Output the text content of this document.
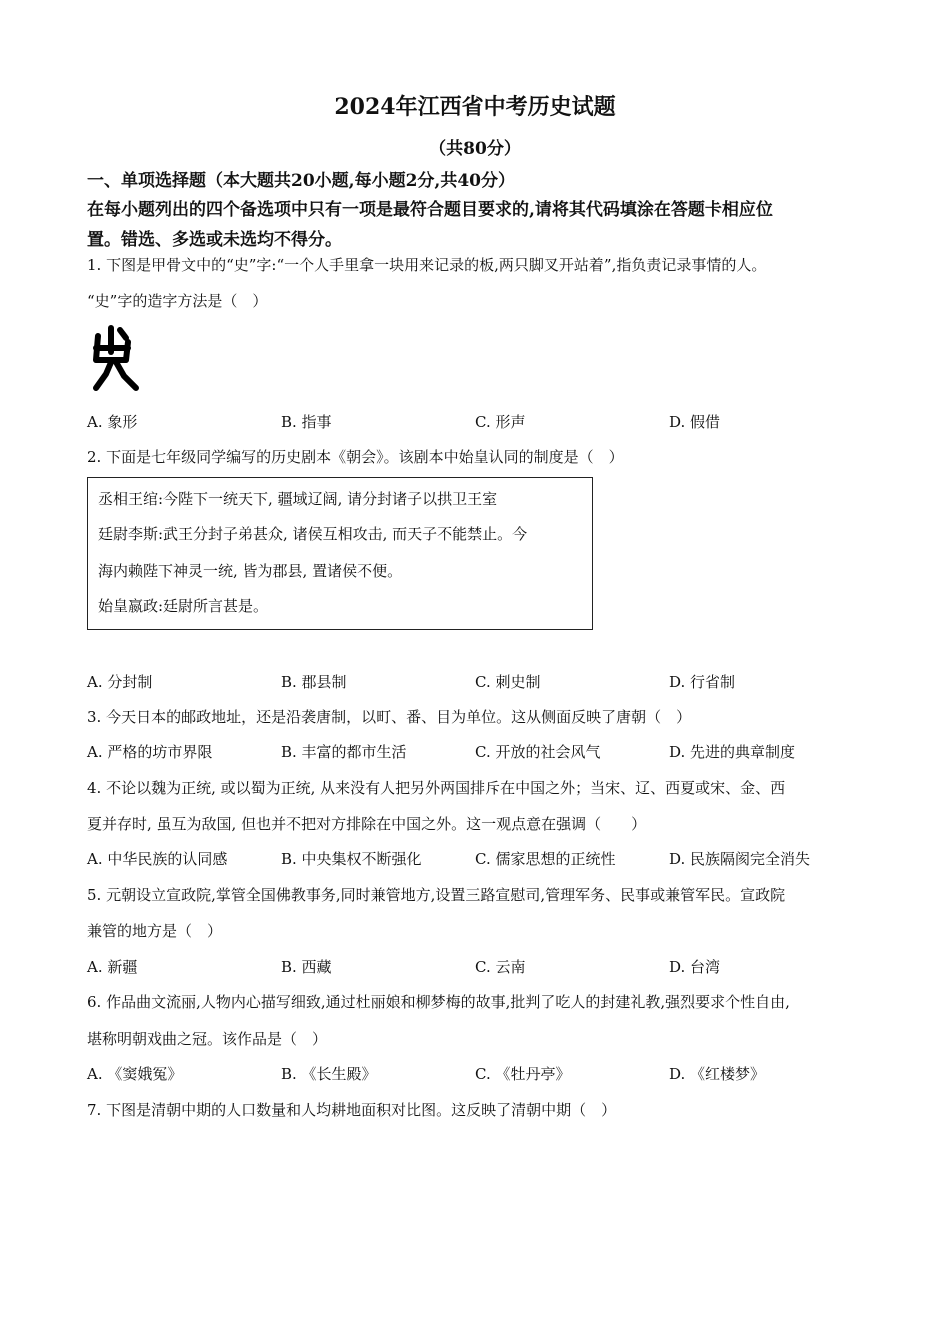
2024年江西省中考历史试题
（共80分）
一、单项选择题（本大题共20小题,每小题2分,共40分）
在每小题列出的四个备选项中只有一项是最符合题目要求的,请将其代码填涂在答题卡相应位
置。错选、多选或未选均不得分。
1. 下图是甲骨文中的“史”字:“一个人手里拿一块用来记录的板,两只脚叉开站着”,指负责记录事情的人。
“史”字的造字方法是（　）
A. 象形	B. 指事	C. 形声	D. 假借
2. 下面是七年级同学编写的历史剧本《朝会》。该剧本中始皇认同的制度是（　）
丞相王绾:今陛下一统天下, 疆域辽阔, 请分封诸子以拱卫王室
廷尉李斯:武王分封子弟甚众, 诸侯互相攻击, 而天子不能禁止。今
海内赖陛下神灵一统, 皆为郡县, 置诸侯不便。
始皇嬴政:廷尉所言甚是。
A. 分封制	B. 郡县制	C. 刺史制	D. 行省制
3. 今天日本的邮政地址，还是沿袭唐制，以町、番、目为单位。这从侧面反映了唐朝（　）
A. 严格的坊市界限	B. 丰富的都市生活	C. 开放的社会风气	D. 先进的典章制度
4. 不论以魏为正统, 或以蜀为正统, 从来没有人把另外两国排斥在中国之外；当宋、辽、西夏或宋、金、西
夏并存时, 虽互为敌国, 但也并不把对方排除在中国之外。这一观点意在强调（　　）
A. 中华民族的认同感	B. 中央集权不断强化	C. 儒家思想的正统性	D. 民族隔阂完全消失
5. 元朝设立宣政院,掌管全国佛教事务,同时兼管地方,设置三路宣慰司,管理军务、民事或兼管军民。宣政院
兼管的地方是（　）
A. 新疆	B. 西藏	C. 云南	D. 台湾
6. 作品曲文流丽,人物内心描写细致,通过杜丽娘和柳梦梅的故事,批判了吃人的封建礼教,强烈要求个性自由,
堪称明朝戏曲之冠。该作品是（　）
A. 《窦娥冤》	B. 《长生殿》	C. 《牡丹亭》	D. 《红楼梦》
7. 下图是清朝中期的人口数量和人均耕地面积对比图。这反映了清朝中期（　）
